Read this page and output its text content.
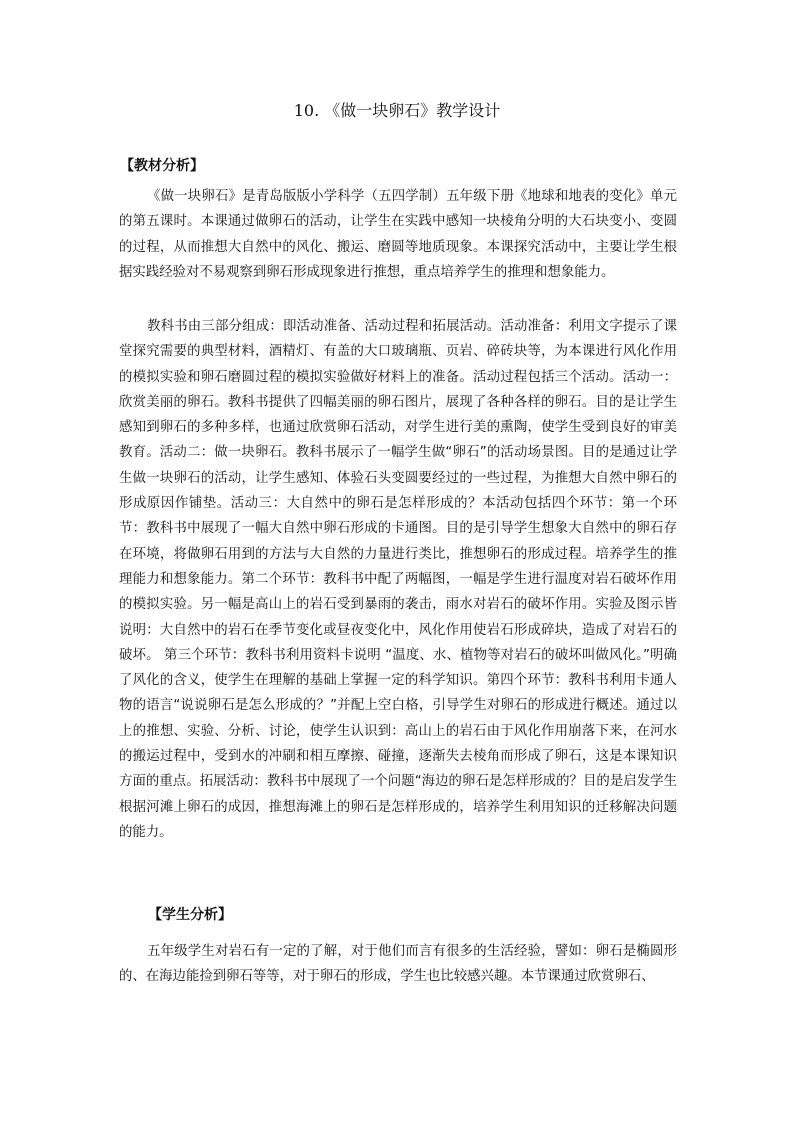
10. 《做一块卵石》教学设计
【教材分析】

《做一块卵石》是青岛版版小学科学（五四学制）五年级下册《地球和地表的变化》单元的第五课时。本课通过做卵石的活动，让学生在实践中感知一块棱角分明的大石块变小、变圆的过程，从而推想大自然中的风化、搬运、磨圆等地质现象。本课探究活动中，主要让学生根据实践经验对不易观察到卵石形成现象进行推想，重点培养学生的推理和想象能力。

教科书由三部分组成：即活动准备、活动过程和拓展活动。活动准备：利用文字提示了课堂探究需要的典型材料，酒精灯、有盖的大口玻璃瓶、页岩、碎砖块等，为本课进行风化作用的模拟实验和卵石磨圆过程的模拟实验做好材料上的准备。活动过程包括三个活动。活动一：欣赏美丽的卵石。教科书提供了四幅美丽的卵石图片，展现了各种各样的卵石。目的是让学生感知到卵石的多种多样，也通过欣赏卵石活动，对学生进行美的熏陶，使学生受到良好的审美教育。活动二：做一块卵石。教科书展示了一幅学生做“卵石”的活动场景图。目的是通过让学生做一块卵石的活动，让学生感知、体验石头变圆要经过的一些过程，为推想大自然中卵石的形成原因作铺垫。活动三：大自然中的卵石是怎样形成的？本活动包括四个环节：第一个环节：教科书中展现了一幅大自然中卵石形成的卡通图。目的是引导学生想象大自然中的卵石存在环境，将做卵石用到的方法与大自然的力量进行类比，推想卵石的形成过程。培养学生的推理能力和想象能力。第二个环节：教科书中配了两幅图，一幅是学生进行温度对岩石破坏作用的模拟实验。另一幅是高山上的岩石受到暴雨的袭击，雨水对岩石的破坏作用。实验及图示皆说明：大自然中的岩石在季节变化或昼夜变化中，风化作用使岩石形成碎块，造成了对岩石的破坏。 第三个环节：教科书利用资料卡说明 “温度、水、植物等对岩石的破坏叫做风化。”明确了风化的含义，使学生在理解的基础上掌握一定的科学知识。第四个环节：教科书利用卡通人物的语言“说说卵石是怎么形成的？”并配上空白格，引导学生对卵石的形成进行概述。通过以上的推想、实验、分析、讨论，使学生认识到：高山上的岩石由于风化作用崩落下来，在河水的搬运过程中，受到水的冲刷和相互摩擦、碰撞，逐渐失去棱角而形成了卵石，这是本课知识方面的重点。拓展活动：教科书中展现了一个问题“海边的卵石是怎样形成的？目的是启发学生根据河滩上卵石的成因，推想海滩上的卵石是怎样形成的，培养学生利用知识的迁移解决问题的能力。

【学生分析】

五年级学生对岩石有一定的了解，对于他们而言有很多的生活经验，譬如：卵石是椭圆形的、在海边能捡到卵石等等，对于卵石的形成，学生也比较感兴趣。本节课通过欣赏卵石、
